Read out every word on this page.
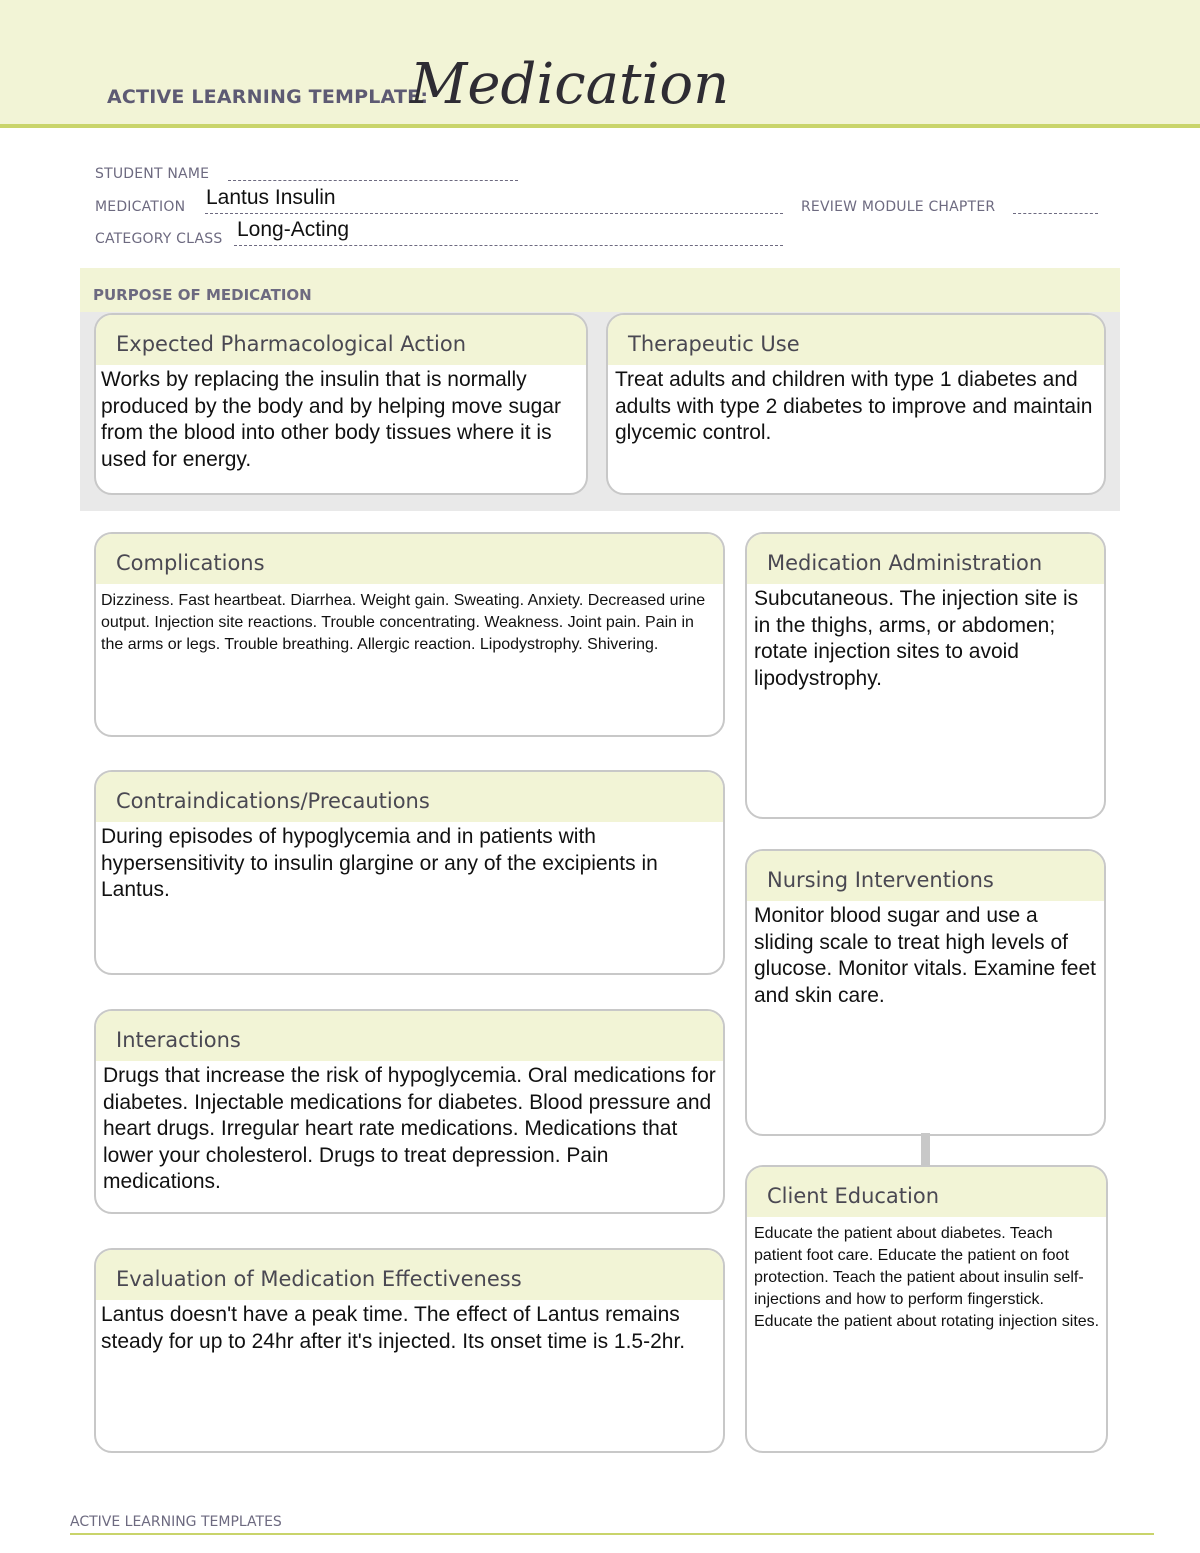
ACTIVE LEARNING TEMPLATE:
Medication
STUDENT NAME
MEDICATION Lantus Insulin	REVIEW MODULE CHAPTER
CATEGORY CLASS Long-Acting
PURPOSE OF MEDICATION
Expected Pharmacological Action
Works by replacing the insulin that is normally produced by the body and by helping move sugar from the blood into other body tissues where it is used for energy.
Therapeutic Use
Treat adults and children with type 1 diabetes and adults with type 2 diabetes to improve and maintain glycemic control.
Complications
Dizziness. Fast heartbeat. Diarrhea. Weight gain. Sweating. Anxiety. Decreased urine output. Injection site reactions. Trouble concentrating. Weakness. Joint pain. Pain in the arms or legs. Trouble breathing. Allergic reaction. Lipodystrophy. Shivering.
Contraindications/Precautions
During episodes of hypoglycemia and in patients with hypersensitivity to insulin glargine or any of the excipients in Lantus.
Interactions
Drugs that increase the risk of hypoglycemia. Oral medications for diabetes. Injectable medications for diabetes. Blood pressure and heart drugs. Irregular heart rate medications. Medications that lower your cholesterol. Drugs to treat depression. Pain medications.
Evaluation of Medication Effectiveness
Lantus doesn't have a peak time. The effect of Lantus remains steady for up to 24hr after it's injected. Its onset time is 1.5-2hr.
Medication Administration
Subcutaneous. The injection site is in the thighs, arms, or abdomen; rotate injection sites to avoid lipodystrophy.
Nursing Interventions
Monitor blood sugar and use a sliding scale to treat high levels of glucose. Monitor vitals. Examine feet and skin care.
Client Education
Educate the patient about diabetes. Teach patient foot care. Educate the patient on foot protection. Teach the patient about insulin self-injections and how to perform fingerstick. Educate the patient about rotating injection sites.
ACTIVE LEARNING TEMPLATES
